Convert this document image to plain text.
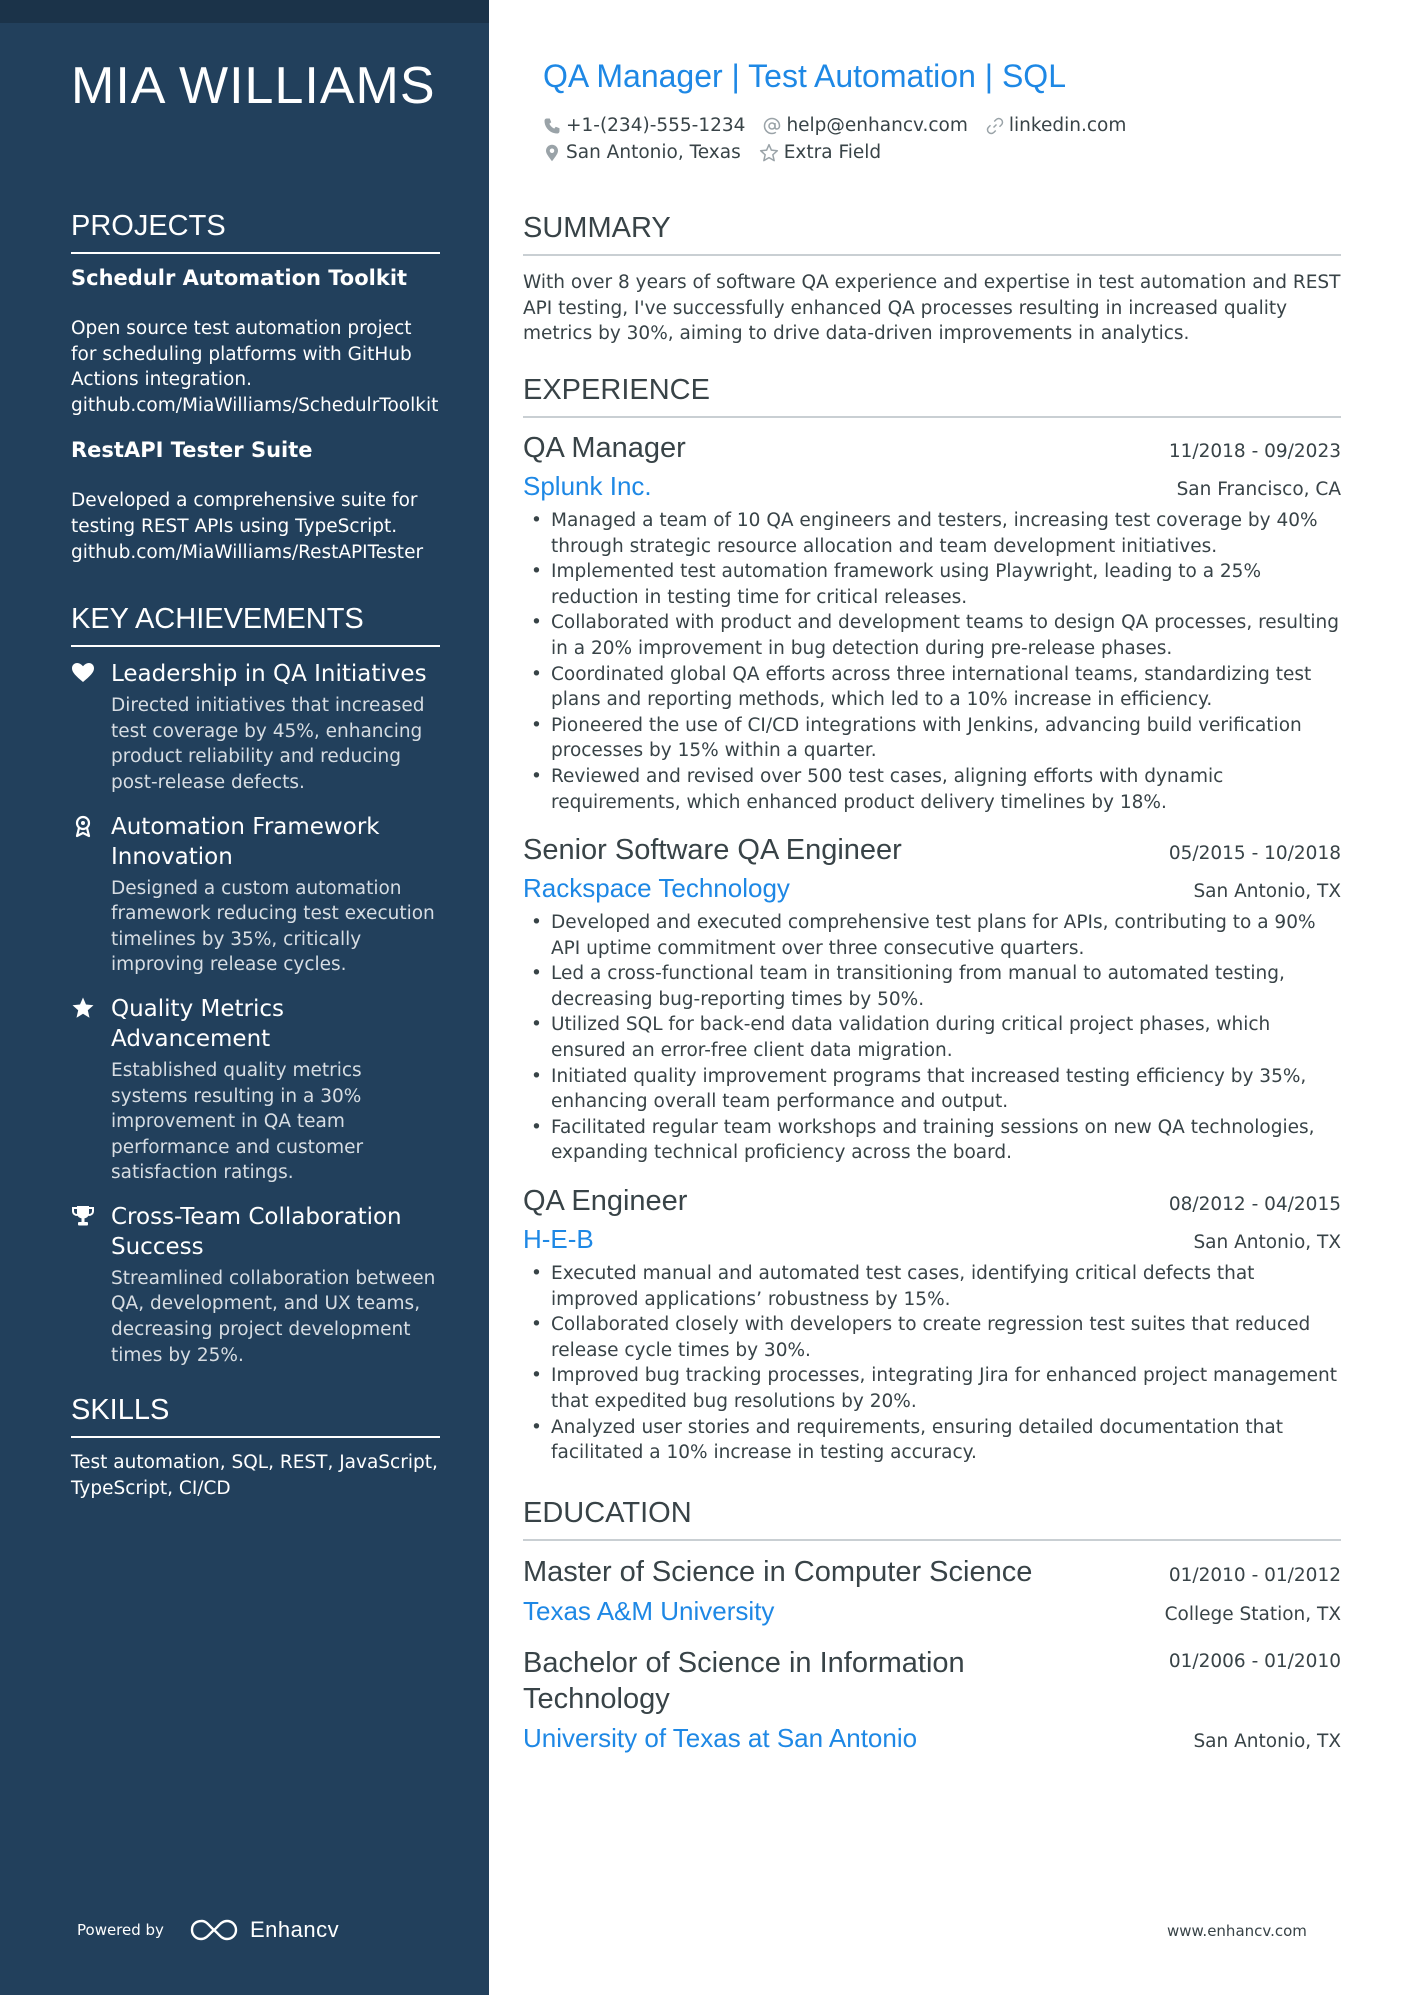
MIA WILLIAMS
PROJECTS

Schedulr Automation Toolkit

Open source test automation project for scheduling platforms with GitHub Actions integration.
github.com/MiaWilliams/SchedulrToolkit

RestAPI Tester Suite

Developed a comprehensive suite for testing REST APIs using TypeScript.
github.com/MiaWilliams/RestAPITester

KEY ACHIEVEMENTS

Leadership in QA Initiatives

Directed initiatives that increased test coverage by 45%, enhancing product reliability and reducing post-release defects.

Automation Framework Innovation

Designed a custom automation framework reducing test execution timelines by 35%, critically improving release cycles.

Quality Metrics Advancement

Established quality metrics systems resulting in a 30% improvement in QA team performance and customer satisfaction ratings.

Cross-Team Collaboration Success

Streamlined collaboration between QA, development, and UX teams, decreasing project development times by 25%.

SKILLS

Test automation, SQL, REST, JavaScript, TypeScript, CI/CD

Powered by	Enhancv
QA Manager | Test Automation | SQL
+1-(234)-555-1234 help@enhancv.com linkedin.com
San Antonio, Texas Extra Field
SUMMARY

With over 8 years of software QA experience and expertise in test automation and REST API testing, I've successfully enhanced QA processes resulting in increased quality metrics by 30%, aiming to drive data-driven improvements in analytics.

EXPERIENCE
QA Manager	11/2018 - 09/2023
Splunk Inc.	San Francisco, CA
• Managed a team of 10 QA engineers and testers, increasing test coverage by 40% through strategic resource allocation and team development initiatives.
• Implemented test automation framework using Playwright, leading to a 25% reduction in testing time for critical releases.
• Collaborated with product and development teams to design QA processes, resulting in a 20% improvement in bug detection during pre-release phases.
• Coordinated global QA efforts across three international teams, standardizing test plans and reporting methods, which led to a 10% increase in efficiency.
• Pioneered the use of CI/CD integrations with Jenkins, advancing build verification processes by 15% within a quarter.
• Reviewed and revised over 500 test cases, aligning efforts with dynamic requirements, which enhanced product delivery timelines by 18%.
Senior Software QA Engineer	05/2015 - 10/2018
Rackspace Technology	San Antonio, TX
• Developed and executed comprehensive test plans for APIs, contributing to a 90% API uptime commitment over three consecutive quarters.
• Led a cross-functional team in transitioning from manual to automated testing, decreasing bug-reporting times by 50%.
• Utilized SQL for back-end data validation during critical project phases, which ensured an error-free client data migration.
• Initiated quality improvement programs that increased testing efficiency by 35%, enhancing overall team performance and output.
• Facilitated regular team workshops and training sessions on new QA technologies, expanding technical proficiency across the board.
QA Engineer	08/2012 - 04/2015
H-E-B	San Antonio, TX
• Executed manual and automated test cases, identifying critical defects that improved applications’ robustness by 15%.
• Collaborated closely with developers to create regression test suites that reduced release cycle times by 30%.
• Improved bug tracking processes, integrating Jira for enhanced project management that expedited bug resolutions by 20%.
• Analyzed user stories and requirements, ensuring detailed documentation that facilitated a 10% increase in testing accuracy.
EDUCATION
Master of Science in Computer Science	01/2010 - 01/2012
Texas A&M University	College Station, TX
Bachelor of Science in Information Technology
01/2006 - 01/2010
University of Texas at San Antonio	San Antonio, TX
www.enhancv.com
